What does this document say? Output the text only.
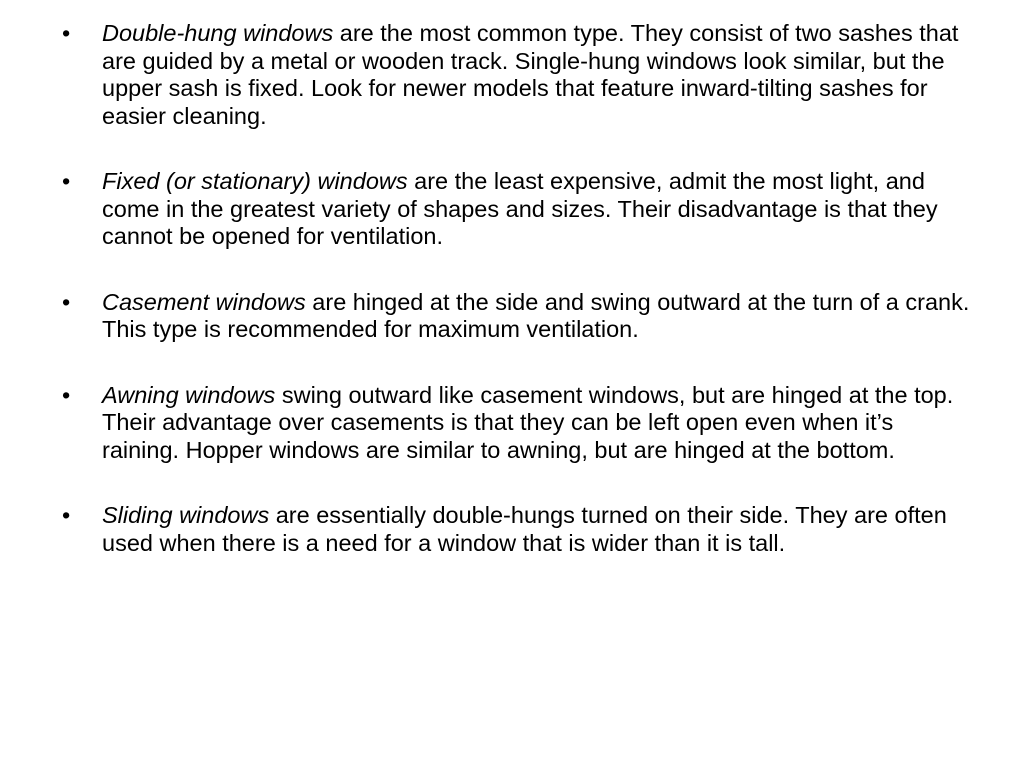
• Double-hung windows are the most common type. They consist of two sashes that are guided by a metal or wooden track. Single-hung windows look similar, but the upper sash is fixed. Look for newer models that feature inward-tilting sashes for easier cleaning.
• Fixed (or stationary) windows are the least expensive, admit the most light, and come in the greatest variety of shapes and sizes. Their disadvantage is that they cannot be opened for ventilation.
• Casement windows are hinged at the side and swing outward at the turn of a crank. This type is recommended for maximum ventilation.
• Awning windows swing outward like casement windows, but are hinged at the top. Their advantage over casements is that they can be left open even when it’s raining. Hopper windows are similar to awning, but are hinged at the bottom.
• Sliding windows are essentially double-hungs turned on their side. They are often used when there is a need for a window that is wider than it is tall.
